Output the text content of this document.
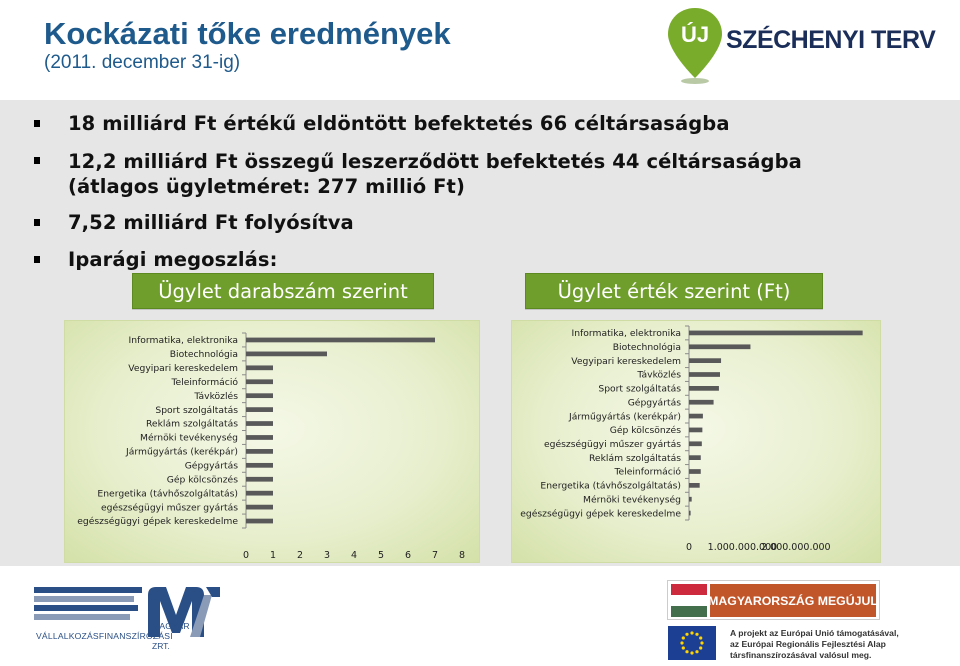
Kockázati tőke eredmények
(2011. december 31-ig)
ÚJ SZÉCHENYI TERV
18 milliárd Ft értékű eldöntött befektetés 66 céltársaságba
12,2 milliárd Ft összegű leszerződött befektetés 44 céltársaságba
(átlagos ügyletméret: 277 millió Ft)
7,52 milliárd Ft folyósítva
Iparági megoszlás:
Ügylet darabszám szerint	Ügylet érték szerint (Ft)
Informatika, elektronika
Biotechnológia
Vegyipari kereskedelem
Teleinformáció
Távközlés
Sport szolgáltatás
Reklám szolgáltatás
Mérnöki tevékenység
Járműgyártás (kerékpár)
Gépgyártás
Gép kölcsönzés
Energetika (távhőszolgáltatás)
egészségügyi műszer gyártás
egészségügyi gépek kereskedelme
0 1 2 3 4 5 6 7 8
Informatika, elektronika
Biotechnológia
Vegyipari kereskedelem
Távközlés
Sport szolgáltatás
Gépgyártás
Járműgyártás (kerékpár)
Gép kölcsönzés
egészségügyi műszer gyártás
Reklám szolgáltatás
Teleinformáció
Energetika (távhőszolgáltatás)
Mérnöki tevékenység
egészségügyi gépek kereskedelme
0 1.000.000.000
2.000.000.000
MAGYAR
VÁLLALKOZÁSFINANSZÍROZÁSI
ZRT.
MAGYARORSZÁG MEGÚJUL
A projekt az Európai Unió támogatásával,
az Európai Regionális Fejlesztési Alap
társfinanszírozásával valósul meg.
